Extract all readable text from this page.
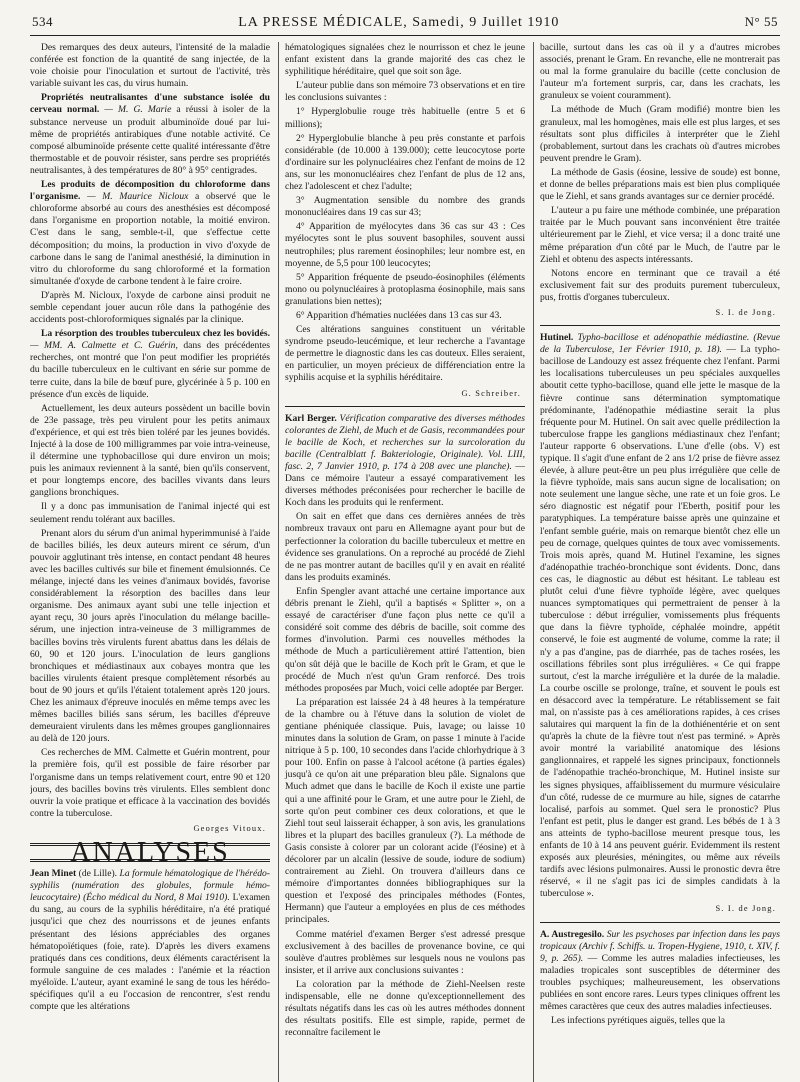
534	LA PRESSE MÉDICALE, Samedi, 9 Juillet 1910	N° 55

Des remarques des deux auteurs, l'intensité de la maladie conférée est fonction de la quantité de sang injectée, de la voie choisie pour l'inoculation et surtout de l'activité, très variable suivant les cas, du virus humain.

Propriétés neutralisantes d'une substance isolée du cerveau normal. — M. G. Marie a réussi à isoler de la substance nerveuse un produit albuminoïde doué par lui-même de propriétés antirabiques d'une notable activité. Ce composé albuminoïde présente cette qualité intéressante d'être thermostable et de pouvoir résister, sans perdre ses propriétés neutralisantes, à des températures de 80° à 95° centigrades.

Les produits de décomposition du chloroforme dans l'organisme. — M. Maurice Nicloux a observé que le chloroforme absorbé au cours des anesthésies est décomposé dans l'organisme en proportion notable, la moitié environ. C'est dans le sang, semble-t-il, que s'effectue cette décomposition; du moins, la production in vivo d'oxyde de carbone dans le sang de l'animal anesthésié, la diminution in vitro du chloroforme du sang chloroformé et la formation simultanée d'oxyde de carbone tendent à le faire croire.

D'après M. Nicloux, l'oxyde de carbone ainsi produit ne semble cependant jouer aucun rôle dans la pathogénie des accidents post-chloroformiques signalés par la clinique.

La résorption des troubles tuberculeux chez les bovidés. — MM. A. Calmette et C. Guérin, dans des précédentes recherches, ont montré que l'on peut modifier les propriétés du bacille tuberculeux en le cultivant en série sur pomme de terre cuite, dans la bile de bœuf pure, glycérinée à 5 p. 100 en présence d'un excès de liquide.

Actuellement, les deux auteurs possèdent un bacille bovin de 23e passage, très peu virulent pour les petits animaux d'expérience, et qui est très bien toléré par les jeunes bovidés. Injecté à la dose de 100 milligrammes par voie intra-veineuse, il détermine une typhobacillose qui dure environ un mois; puis les animaux reviennent à la santé, bien qu'ils conservent, et pour longtemps encore, des bacilles vivants dans leurs ganglions bronchiques.

Il y a donc pas immunisation de l'animal injecté qui est seulement rendu tolérant aux bacilles.

Prenant alors du sérum d'un animal hyperimmunisé à l'aide de bacilles biliés, les deux auteurs mirent ce sérum, d'un pouvoir agglutinant très intense, en contact pendant 48 heures avec les bacilles cultivés sur bile et finement émulsionnés. Ce mélange, injecté dans les veines d'animaux bovidés, favorise considérablement la résorption des bacilles dans leur organisme. Des animaux ayant subi une telle injection et ayant reçu, 30 jours après l'inoculation du mélange bacille-sérum, une injection intra-veineuse de 3 milligrammes de bacilles bovins très virulents furent abattus dans les délais de 60, 90 et 120 jours. L'inoculation de leurs ganglions bronchiques et médiastinaux aux cobayes montra que les bacilles virulents étaient presque complètement résorbés au bout de 90 jours et qu'ils l'étaient totalement après 120 jours. Chez les animaux d'épreuve inoculés en même temps avec les mêmes bacilles biliés sans sérum, les bacilles d'épreuve demeuraient virulents dans les mêmes groupes ganglionnaires au delà de 120 jours.

Ces recherches de MM. Calmette et Guérin montrent, pour la première fois, qu'il est possible de faire résorber par l'organisme dans un temps relativement court, entre 90 et 120 jours, des bacilles bovins très virulents. Elles semblent donc ouvrir la voie pratique et efficace à la vaccination des bovidés contre la tuberculose.

Georges Vitoux.

ANALYSES

Jean Minet (de Lille). La formule hématologique de l'hérédo-syphilis (numération des globules, formule hémo-leucocytaire) (Écho médical du Nord, 8 Mai 1910). L'examen du sang, au cours de la syphilis héréditaire, n'a été pratiqué jusqu'ici que chez des nourrissons et de jeunes enfants présentant des lésions appréciables des organes hématopoïétiques (foie, rate). D'après les divers examens pratiqués dans ces conditions, deux éléments caractérisent la formule sanguine de ces malades : l'anémie et la réaction myéloïde. L'auteur, ayant examiné le sang de tous les hérédo-spécifiques qu'il a eu l'occasion de rencontrer, s'est rendu compte que les altérations

hématologiques signalées chez le nourrisson et chez le jeune enfant existent dans la grande majorité des cas chez le syphilitique héréditaire, quel que soit son âge.

L'auteur publie dans son mémoire 73 observations et en tire les conclusions suivantes :

1° Hyperglobulie rouge très habituelle (entre 5 et 6 millions);

2° Hyperglobulie blanche à peu près constante et parfois considérable (de 10.000 à 139.000); cette leucocytose porte d'ordinaire sur les polynucléaires chez l'enfant de moins de 12 ans, sur les mononucléaires chez l'enfant de plus de 12 ans, chez l'adolescent et chez l'adulte;

3° Augmentation sensible du nombre des grands mononucléaires dans 19 cas sur 43;

4° Apparition de myélocytes dans 36 cas sur 43 : Ces myélocytes sont le plus souvent basophiles, souvent aussi neutrophiles; plus rarement éosinophiles; leur nombre est, en moyenne, de 5,5 pour 100 leucocytes;

5° Apparition fréquente de pseudo-éosinophiles (éléments mono ou polynucléaires à protoplasma éosinophile, mais sans granulations bien nettes);

6° Apparition d'hématies nucléées dans 13 cas sur 43.

Ces altérations sanguines constituent un véritable syndrome pseudo-leucémique, et leur recherche a l'avantage de permettre le diagnostic dans les cas douteux. Elles seraient, en particulier, un moyen précieux de différenciation entre la syphilis acquise et la syphilis héréditaire.

G. Schreiber.

Karl Berger. Vérification comparative des diverses méthodes colorantes de Ziehl, de Much et de Gasis, recommandées pour le bacille de Koch, et recherches sur la surcoloration du bacille (Centralblatt f. Bakteriologie, Originale). Vol. LIII, fasc. 2, 7 Janvier 1910, p. 174 à 208 avec une planche). — Dans ce mémoire l'auteur a essayé comparativement les diverses méthodes préconisées pour rechercher le bacille de Koch dans les produits qui le renferment.

On sait en effet que dans ces dernières années de très nombreux travaux ont paru en Allemagne ayant pour but de perfectionner la coloration du bacille tuberculeux et mettre en évidence ses granulations. On a reproché au procédé de Ziehl de ne pas montrer autant de bacilles qu'il y en avait en réalité dans les produits examinés.

Enfin Spengler avant attaché une certaine importance aux débris prenant le Ziehl, qu'il a baptisés « Splitter », on a essayé de caractériser d'une façon plus nette ce qu'il a considéré soit comme des débris de bacille, soit comme des formes d'involution. Parmi ces nouvelles méthodes la méthode de Much a particulièrement attiré l'attention, bien qu'on sût déjà que le bacille de Koch prît le Gram, et que le procédé de Much n'est qu'un Gram renforcé. Des trois méthodes proposées par Much, voici celle adoptée par Berger.

La préparation est laissée 24 à 48 heures à la température de la chambre ou à l'étuve dans la solution de violet de gentiane phéniquée classique. Puis, lavage; ou laisse 10 minutes dans la solution de Gram, on passe 1 minute à l'acide nitrique à 5 p. 100, 10 secondes dans l'acide chlorhydrique à 3 pour 100. Enfin on passe à l'alcool acétone (à parties égales) jusqu'à ce qu'on ait une préparation bleu pâle. Signalons que Much admet que dans le bacille de Koch il existe une partie qui a une affinité pour le Gram, et une autre pour le Ziehl, de sorte qu'on peut combiner ces deux colorations, et que le Ziehl tout seul laisserait échapper, à son avis, les granulations libres et la plupart des bacilles granuleux (?). La méthode de Gasis consiste à colorer par un colorant acide (l'éosine) et à décolorer par un alcalin (lessive de soude, iodure de sodium) contrairement au Ziehl. On trouvera d'ailleurs dans ce mémoire d'importantes données bibliographiques sur la question et l'exposé des principales méthodes (Fontes, Hermann) que l'auteur a employées en plus de ces méthodes principales.

Comme matériel d'examen Berger s'est adressé presque exclusivement à des bacilles de provenance bovine, ce qui soulève d'autres problèmes sur lesquels nous ne voulons pas insister, et il arrive aux conclusions suivantes :

La coloration par la méthode de Ziehl-Neelsen reste indispensable, elle ne donne qu'exceptionnellement des résultats négatifs dans les cas où les autres méthodes donnent des résultats positifs. Elle est simple, rapide, permet de reconnaître facilement le

bacille, surtout dans les cas où il y a d'autres microbes associés, prenant le Gram. En revanche, elle ne montrerait pas ou mal la forme granulaire du bacille (cette conclusion de l'auteur m'a fortement surpris, car, dans les crachats, les granuleux se voient couramment).

La méthode de Much (Gram modifié) montre bien les granuleux, mal les homogènes, mais elle est plus larges, et ses résultats sont plus difficiles à interpréter que le Ziehl (probablement, surtout dans les crachats où d'autres microbes peuvent prendre le Gram).

La méthode de Gasis (éosine, lessive de soude) est bonne, et donne de belles préparations mais est bien plus compliquée que le Ziehl, et sans grands avantages sur ce dernier procédé.

L'auteur a pu faire une méthode combinée, une préparation traitée par le Much pouvant sans inconvénient être traitée ultérieurement par le Ziehl, et vice versa; il a donc traité une même préparation d'un côté par le Much, de l'autre par le Ziehl et obtenu des aspects intéressants.

Notons encore en terminant que ce travail a été exclusivement fait sur des produits purement tuberculeux, pus, frottis d'organes tuberculeux.

S. I. de Jong.

Hutinel. Typho-bacillose et adénopathie médiastine. (Revue de la Tuberculose, 1er Février 1910, p. 18). — La typho-bacillose de Landouzy est assez fréquente chez l'enfant. Parmi les localisations tuberculeuses un peu spéciales auxquelles aboutit cette typho-bacillose, quand elle jette le masque de la fièvre continue sans détermination symptomatique prédominante, l'adénopathie médiastine serait la plus fréquente pour M. Hutinel. On sait avec quelle prédilection la tuberculose frappe les ganglions médiastinaux chez l'enfant; l'auteur rapporte 6 observations. L'une d'elle (obs. V) est typique. Il s'agit d'une enfant de 2 ans 1/2 prise de fièvre assez élevée, à allure peut-être un peu plus irrégulière que celle de la fièvre typhoïde, mais sans aucun signe de localisation; on note seulement une langue sèche, une rate et un foie gros. Le séro diagnostic est négatif pour l'Eberth, positif pour les paratyphiques. La température baisse après une quinzaine et l'enfant semble guérie, mais on remarque bientôt chez elle un peu de cornage, quelques quintes de toux avec vomissements. Trois mois après, quand M. Hutinel l'examine, les signes d'adénopathie trachéo-bronchique sont évidents. Donc, dans ces cas, le diagnostic au début est hésitant. Le tableau est plutôt celui d'une fièvre typhoïde légère, avec quelques nuances symptomatiques qui permettraient de penser à la tuberculose : début irrégulier, vomissements plus fréquents que dans la fièvre typhoïde, céphalée moindre, appétit conservé, le foie est augmenté de volume, comme la rate; il n'y a pas d'angine, pas de diarrhée, pas de taches rosées, les oscillations fébriles sont plus irrégulières. « Ce qui frappe surtout, c'est la marche irrégulière et la durée de la maladie. La courbe oscille se prolonge, traîne, et souvent le pouls est en désaccord avec la température. Le rétablissement se fait mal, on n'assiste pas à ces améliorations rapides, à ces crises salutaires qui marquent la fin de la dothiénentérie et on sent qu'après la chute de la fièvre tout n'est pas terminé. » Après avoir montré la variabilité anatomique des lésions ganglionnaires, et rappelé les signes principaux, fonctionnels de l'adénopathie trachéo-bronchique, M. Hutinel insiste sur les signes physiques, affaiblissement du murmure vésiculaire d'un côté, rudesse de ce murmure au hile, signes de catarrhe localisé, parfois au sommet. Quel sera le pronostic? Plus l'enfant est petit, plus le danger est grand. Les bébés de 1 à 3 ans atteints de typho-bacillose meurent presque tous, les enfants de 10 à 14 ans peuvent guérir. Evidemment ils restent exposés aux pleurésies, méningites, ou même aux réveils tardifs avec lésions pulmonaires. Aussi le pronostic devra être réservé, « il ne s'agit pas ici de simples candidats à la tuberculose ».

S. I. de Jong.

A. Austregesilo. Sur les psychoses par infection dans les pays tropicaux (Archiv f. Schiffs. u. Tropen-Hygiene, 1910, t. XIV, f. 9, p. 265). — Comme les autres maladies infectieuses, les maladies tropicales sont susceptibles de déterminer des troubles psychiques; malheureusement, les observations publiées en sont encore rares. Leurs types cliniques offrent les mêmes caractères que ceux des autres maladies infectieuses.

Les infections pyrétiques aiguës, telles que la
